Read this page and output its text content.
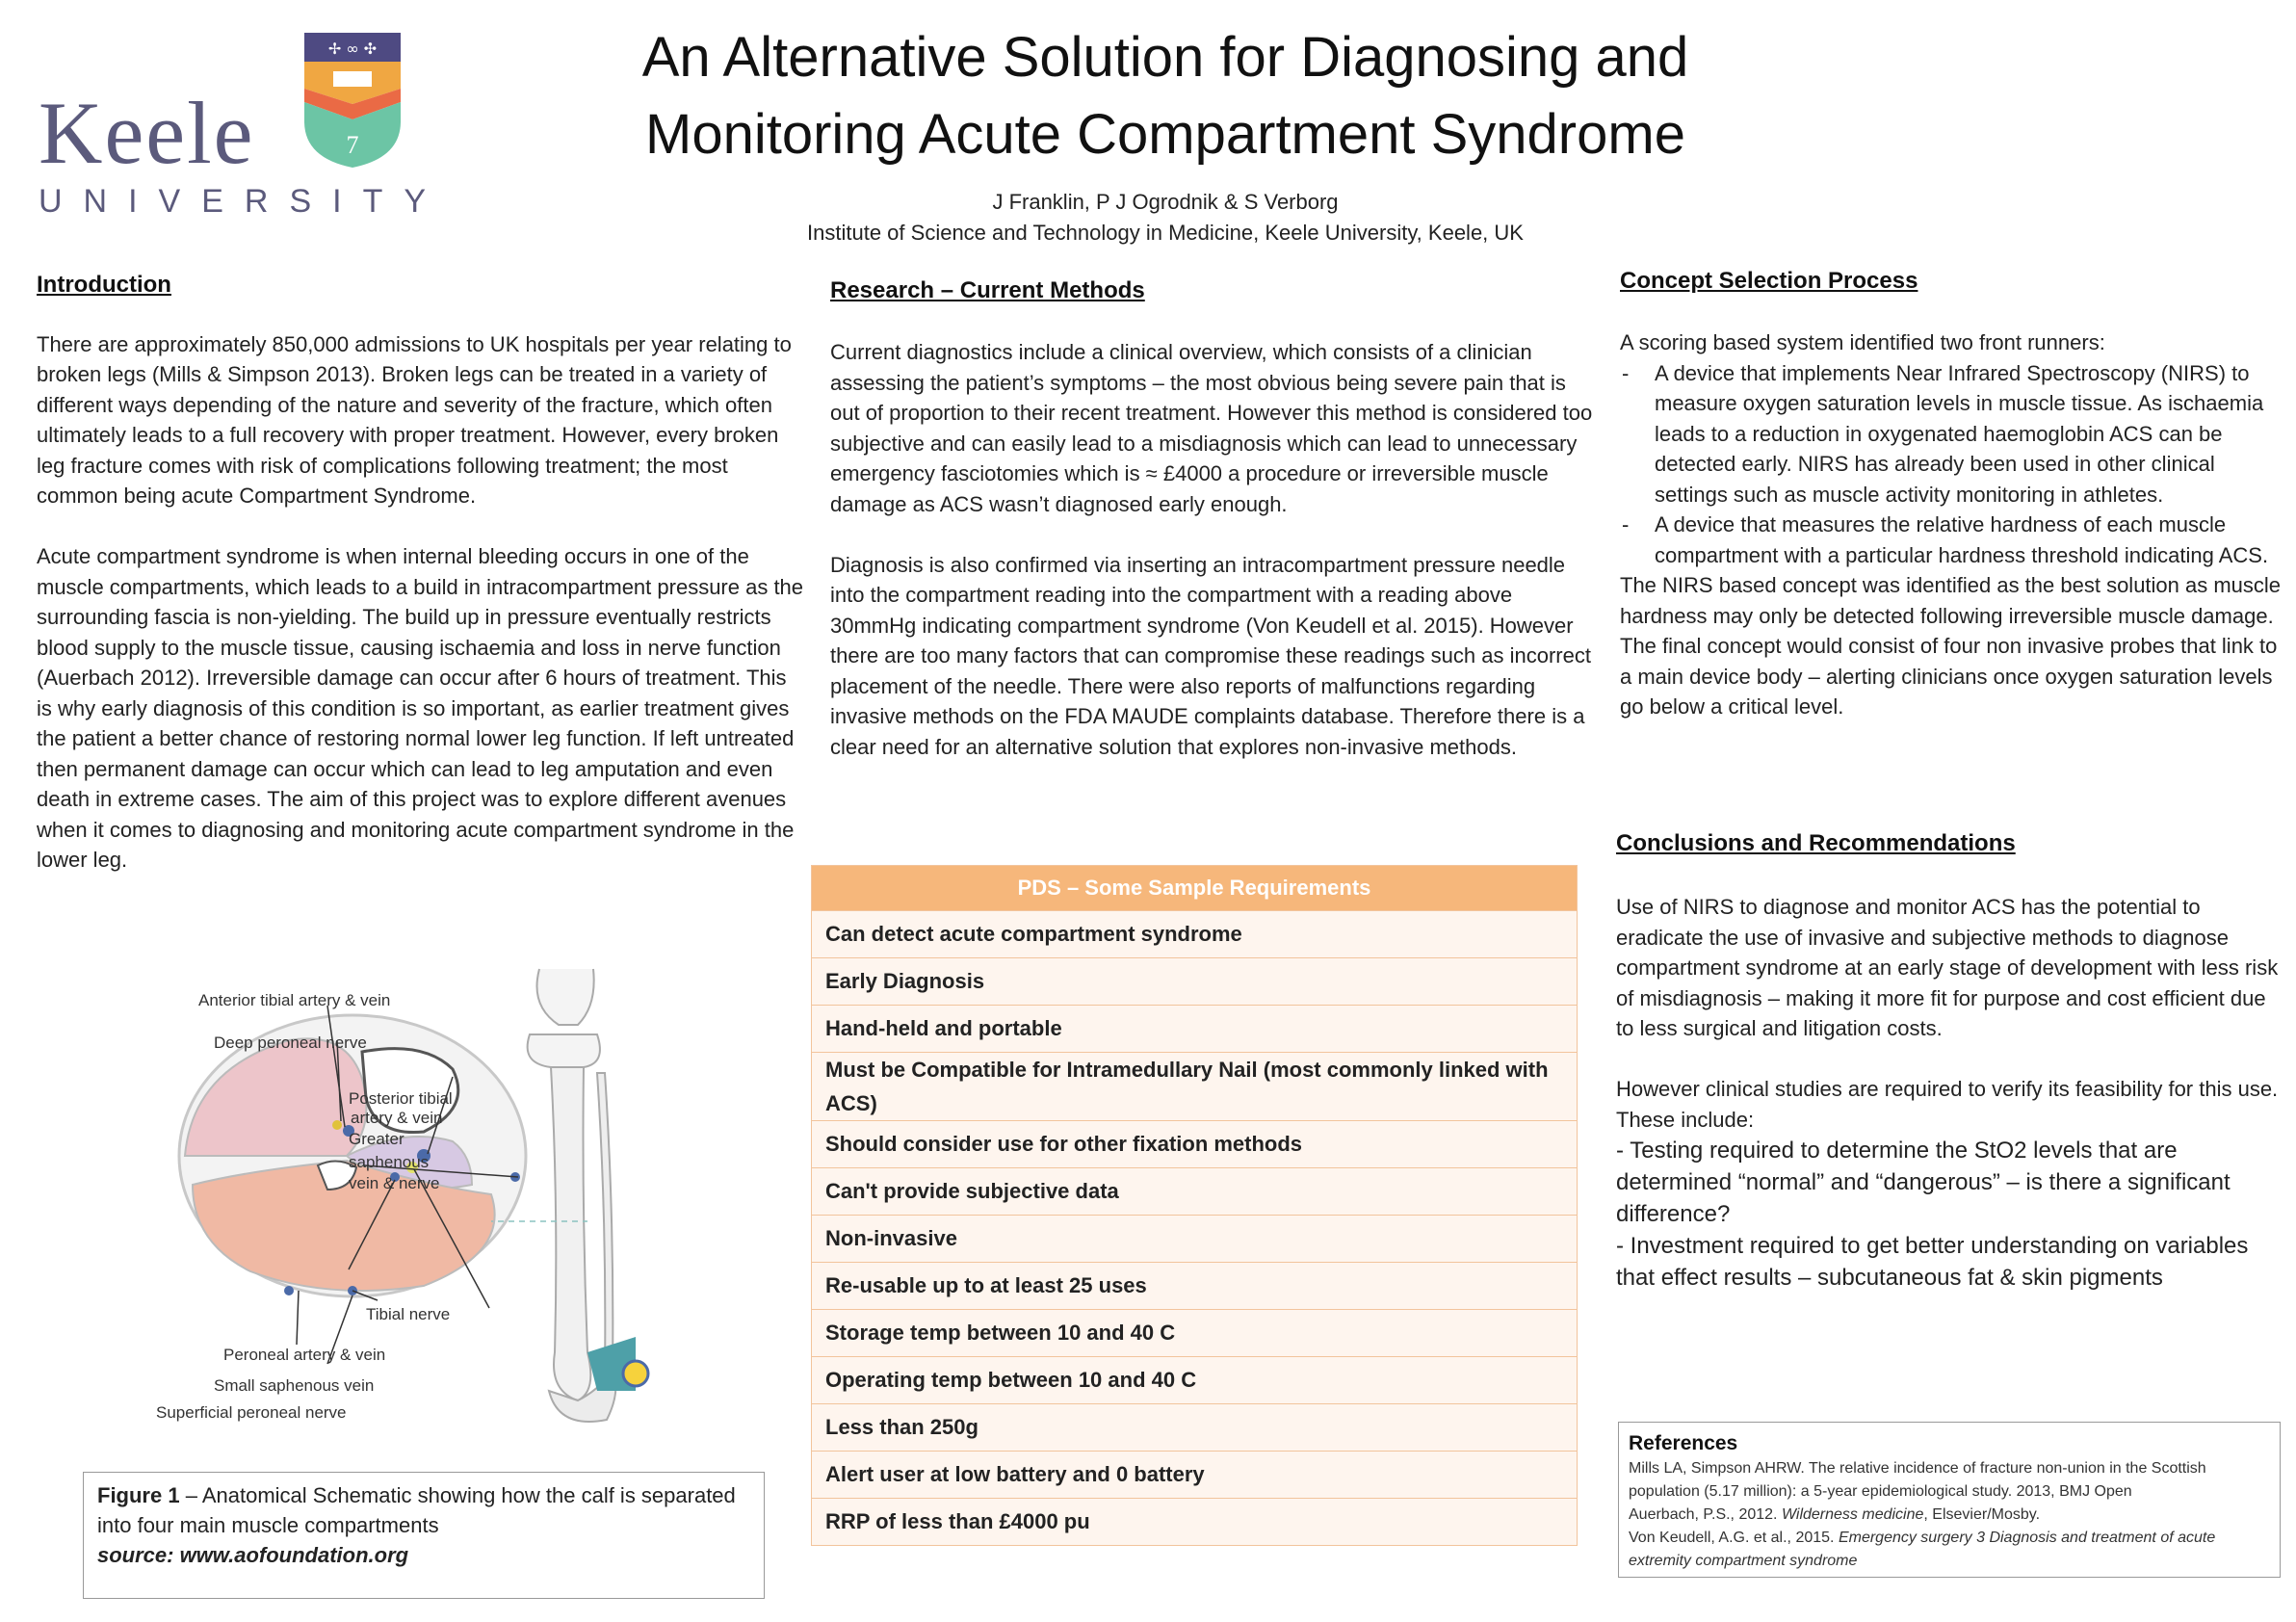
Keele
UNIVERSITY
✢ ∞ ✣
7
An Alternative Solution for Diagnosing and
Monitoring Acute Compartment Syndrome
J Franklin, P J Ogrodnik & S Verborg
Institute of Science and Technology in Medicine, Keele University, Keele, UK
Introduction

There are approximately 850,000 admissions to UK hospitals per year relating to broken legs (Mills & Simpson 2013). Broken legs can be treated in a variety of different ways depending of the nature and severity of the fracture, which often ultimately leads to a full recovery with proper treatment. However, every broken leg fracture comes with risk of complications following treatment; the most common being acute Compartment Syndrome.

Acute compartment syndrome is when internal bleeding occurs in one of the muscle compartments, which leads to a build in intracompartment pressure as the surrounding fascia is non-yielding. The build up in pressure eventually restricts blood supply to the muscle tissue, causing ischaemia and loss in nerve function (Auerbach 2012). Irreversible damage can occur after 6 hours of treatment. This is why early diagnosis of this condition is so important, as earlier treatment gives the patient a better chance of restoring normal lower leg function. If left untreated then permanent damage can occur which can lead to leg amputation and even death in extreme cases. The aim of this project was to explore different avenues when it comes to diagnosing and monitoring acute compartment syndrome in the lower leg.

Anterior tibial artery & vein
Deep peroneal nerve
Posterior tibial
artery & vein
Tibial nerve
Greater
saphenous
vein & nerve
Peroneal artery & vein
Small saphenous vein
Superficial peroneal nerve
Figure 1 – Anatomical Schematic showing how the calf is separated into four main muscle compartments
source: www.aofoundation.org
Research – Current Methods

Current diagnostics include a clinical overview, which consists of a clinician assessing the patient’s symptoms – the most obvious being severe pain that is out of proportion to their recent treatment. However this method is considered too subjective and can easily lead to a misdiagnosis which can lead to unnecessary emergency fasciotomies which is ≈ £4000 a procedure or irreversible muscle damage as ACS wasn’t diagnosed early enough.

Diagnosis is also confirmed via inserting an intracompartment pressure needle into the compartment reading into the compartment with a reading above 30mmHg indicating compartment syndrome (Von Keudell et al. 2015). However there are too many factors that can compromise these readings such as incorrect placement of the needle. There were also reports of malfunctions regarding invasive methods on the FDA MAUDE complaints database. Therefore there is a clear need for an alternative solution that explores non-invasive methods.

PDS – Some Sample Requirements
Can detect acute compartment syndrome
Early Diagnosis
Hand-held and portable
Must be Compatible for Intramedullary Nail (most commonly linked with ACS)
Should consider use for other fixation methods
Can't provide subjective data
Non-invasive
Re-usable up to at least 25 uses
Storage temp between 10 and 40 C
Operating temp between 10 and 40 C
Less than 250g
Alert user at low battery and 0 battery
RRP of less than £4000 pu
Concept Selection Process

A scoring based system identified two front runners:

- A device that implements Near Infrared Spectroscopy (NIRS) to measure oxygen saturation levels in muscle tissue. As ischaemia leads to a reduction in oxygenated haemoglobin ACS can be detected early. NIRS has already been used in other clinical settings such as muscle activity monitoring in athletes.
- A device that measures the relative hardness of each muscle compartment with a particular hardness threshold indicating ACS.

The NIRS based concept was identified as the best solution as muscle hardness may only be detected following irreversible muscle damage. The final concept would consist of four non invasive probes that link to a main device body – alerting clinicians once oxygen saturation levels go below a critical level.

Conclusions and Recommendations

Use of NIRS to diagnose and monitor ACS has the potential to eradicate the use of invasive and subjective methods to diagnose compartment syndrome at an early stage of development with less risk of misdiagnosis – making it more fit for purpose and cost efficient due to less surgical and litigation costs.

However clinical studies are required to verify its feasibility for this use. These include:

- Testing required to determine the StO2 levels that are determined “normal” and “dangerous” – is there a significant difference?

- Investment required to get better understanding on variables that effect results – subcutaneous fat & skin pigments

References
Mills LA, Simpson AHRW. The relative incidence of fracture non-union in the Scottish population (5.17 million): a 5-year epidemiological study. 2013, BMJ Open
Auerbach, P.S., 2012. Wilderness medicine, Elsevier/Mosby.
Von Keudell, A.G. et al., 2015. Emergency surgery 3 Diagnosis and treatment of acute extremity compartment syndrome
